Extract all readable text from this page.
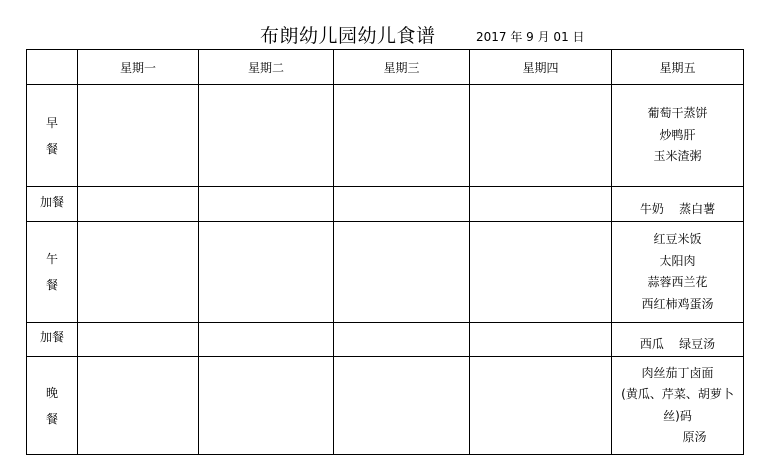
布朗幼儿园幼儿食谱	2017 年 9 月 01 日
	星期一	星期二	星期三	星期四	星期五

早
餐					葡萄干蒸饼
炒鸭肝
玉米渣粥

加餐					牛奶    蒸白薯

午
餐					红豆米饭
太阳肉
蒜蓉西兰花
西红柿鸡蛋汤

加餐					西瓜    绿豆汤

晚
餐					肉丝茄丁卤面
(黄瓜、芹菜、胡萝卜
丝)码
原汤
